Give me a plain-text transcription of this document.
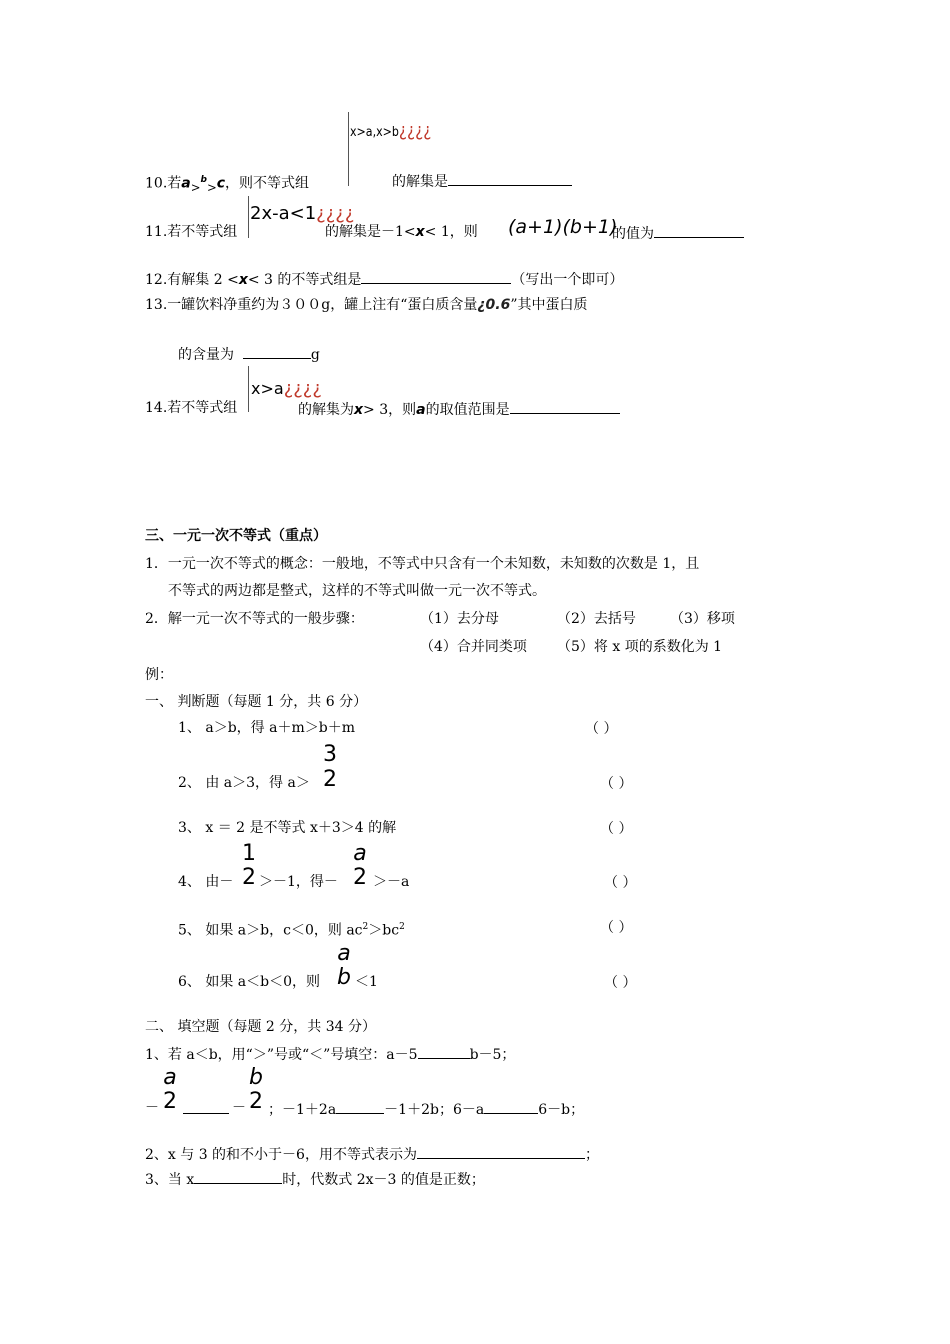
x>a,x>b¿¿¿¿
10.若$a_>^b_>c$，则不等式组	的解集是
2x-a<1¿¿¿¿
11.若不等式组	的解集是－1<x< 1，则 (a+1)(b+1)
的值为
12.有解集 2 <x< 3 的不等式组是	（写出一个即可）
13.一罐饮料净重约为３００g，罐上注有“蛋白质含量¿0.6”其中蛋白质
的含量为	g
x>a¿¿¿¿
14.若不等式组	的解集为x> 3，则a的取值范围是
三、一元一次不等式（重点）
1．一元一次不等式的概念：一般地，不等式中只含有一个未知数，未知数的次数是 1，且
不等式的两边都是整式，这样的不等式叫做一元一次不等式。
2．解一元一次不等式的一般步骤：	（1）去分母	（2）去括号 （3）移项
（4）合并同类项 （5）将 x 项的系数化为 1
例：
一、 判断题（每题 1 分，共 6 分）
1、 a＞b，得 a＋m＞b＋m	（ ）
2、 由 a＞3，得 a＞
3
2	（ ）
3、 x ＝ 2 是不等式 x＋3＞4 的解	（ ）
4、 由－
1
2 ＞－1，得－
a
2 ＞－a	（ ）
5、 如果 a＞b，c＜0，则 $ac^2>bc^2$	（ ）
6、 如果 a＜b＜0，则
a
b ＜1	（ ）
二、 填空题（每题 2 分，共 34 分）
1、若 a＜b，用“＞”号或“＜”号填空：a－5	b－5；
－
a
2	－
b
2 ；－1＋2a	－1＋2b；6－a	6－b；
2、x 与 3 的和不小于－6，用不等式表示为	；
3、当 x	时，代数式 2x－3 的值是正数；
